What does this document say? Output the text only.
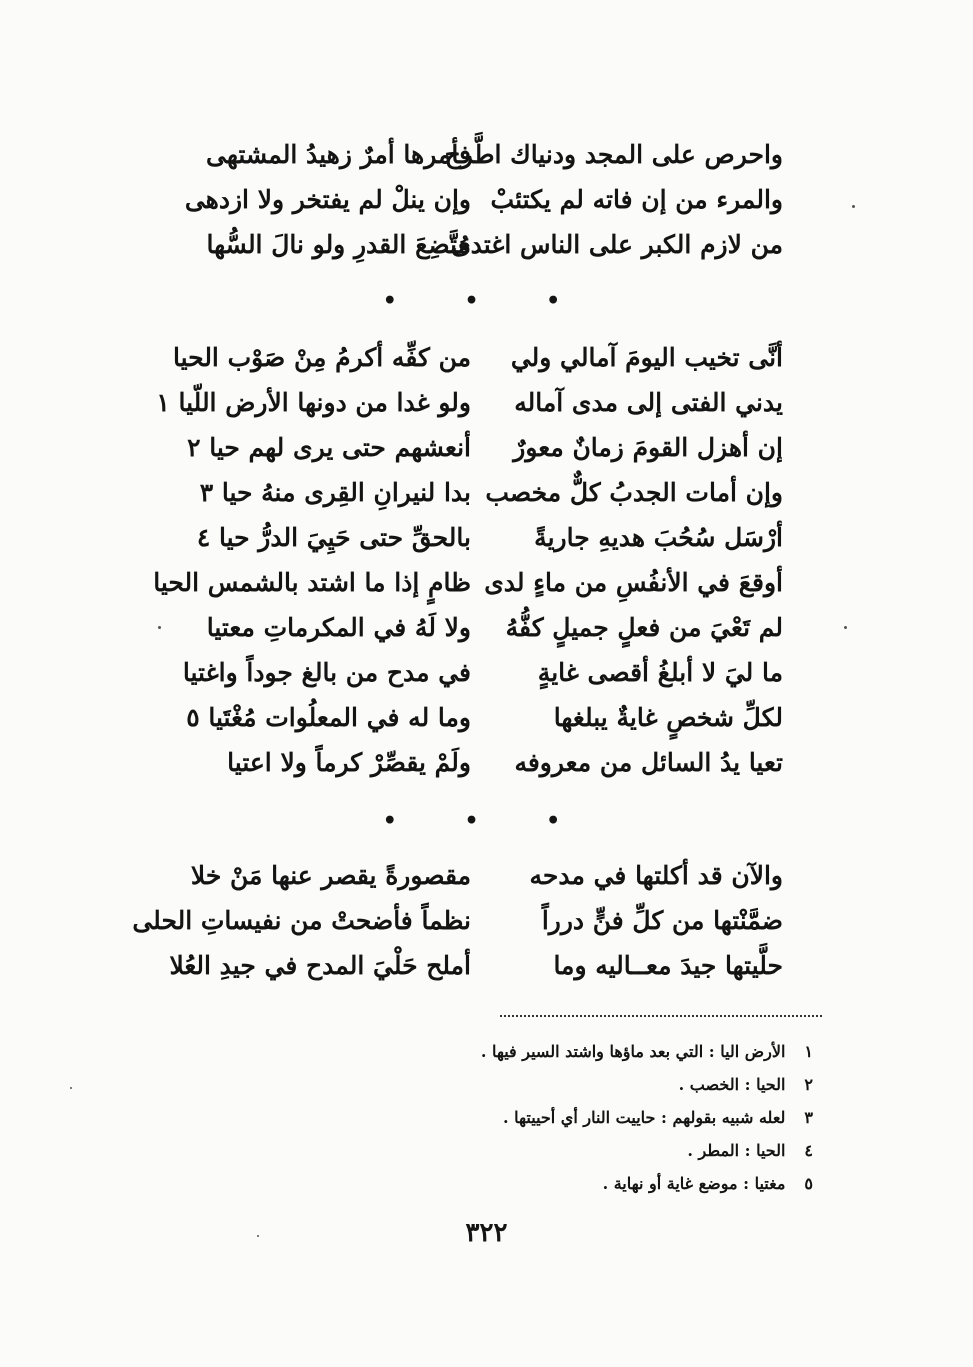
واحرص على المجد ودنياك اطَّرح
فأمرها أمرٌ زهيدُ المشتهى
والمرء من إن فاته لم يكتئبْ
وإن ينلْ لم يفتخر ولا ازدهى
من لازم الكبر على الناس اغتدى
مُتَّضِعَ القدرِ ولو نالَ السُّها
• • •
أنَّى تخيب اليومَ آمالي ولي
من كفِّه أكرمُ مِنْ صَوْب الحيا
يدني الفتى إلى مدى آماله
ولو غدا من دونها الأرض اللّيا ١
إن أهزل القومَ زمانٌ معورٌ
أنعشهم حتى يرى لهم حيا ٢
وإن أمات الجدبُ كلٌّ مخصب
بدا لنيرانِ القِرى منهُ حيا ٣
أرْسَل سُحُبَ هديهِ جاريةً
بالحقِّ حتى حَيِيَ الدرُّ حيا ٤
أوقعَ في الأنفُسِ من ماءٍ لدى
ظامٍ إذا ما اشتد بالشمس الحيا
لم تَعْيَ من فعلٍ جميلٍ كفُّهُ
ولا لَهُ في المكرماتِ معتيا
ما ليَ لا أبلغُ أقصى غايةٍ
في مدح من بالغ جوداً واغتيا
لكلِّ شخصٍ غايةٌ يبلغها
وما له في المعلُوات مُغْتَيا ٥
تعيا يدُ السائل من معروفه
ولَمْ يقصِّرْ كرماً ولا اعتيا
• • •
والآن قد أكلتها في مدحه
مقصورةً يقصر عنها مَنْ خلا
ضمَّنْتها من كلِّ فنٍّ درراً
نظماً فأضحتْ من نفيساتِ الحلى
حلَّيتها جيدَ معــاليه وما
أملح حَلْيَ المدح في جيدِ العُلا
١ الأرض اليا : التي بعد ماؤها واشتد السير فيها .
٢ الحيا : الخصب .
٣ لعله شبيه بقولهم : حاييت النار أي أحييتها .
٤ الحيا : المطر .
٥ مغتيا : موضع غاية أو نهاية .
٣٢٢
